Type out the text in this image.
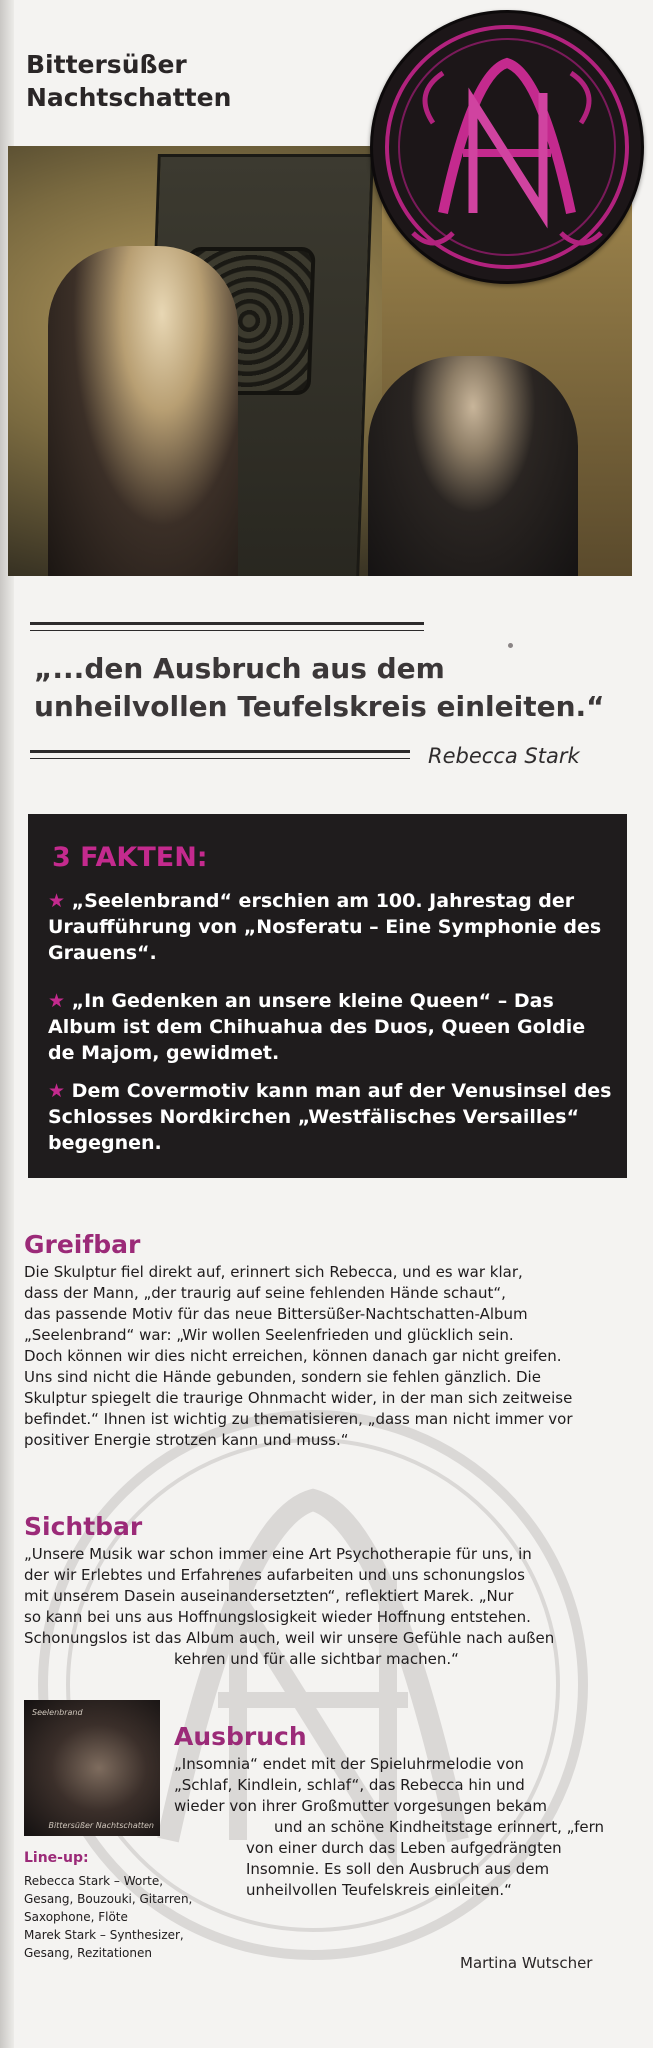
Bittersüßer
Nachtschatten
„...den Ausbruch aus dem
unheilvollen Teufelskreis einleiten.“
Rebecca Stark
3 FAKTEN:
★ „Seelenbrand“ erschien am 100. Jahrestag der
Uraufführung von „Nosferatu – Eine Symphonie des
Grauens“.
★ „In Gedenken an unsere kleine Queen“ – Das
Album ist dem Chihuahua des Duos, Queen Goldie
de Majom, gewidmet.
★ Dem Covermotiv kann man auf der Venusinsel des
Schlosses Nordkirchen „Westfälisches Versailles“
begegnen.
Greifbar
Die Skulptur fiel direkt auf, erinnert sich Rebecca, und es war klar,
dass der Mann, „der traurig auf seine fehlenden Hände schaut“,
das passende Motiv für das neue Bittersüßer-Nachtschatten-Album
„Seelenbrand“ war: „Wir wollen Seelenfrieden und glücklich sein.
Doch können wir dies nicht erreichen, können danach gar nicht greifen.
Uns sind nicht die Hände gebunden, sondern sie fehlen gänzlich. Die
Skulptur spiegelt die traurige Ohnmacht wider, in der man sich zeitweise
befindet.“ Ihnen ist wichtig zu thematisieren, „dass man nicht immer vor
positiver Energie strotzen kann und muss.“
Sichtbar
„Unsere Musik war schon immer eine Art Psychotherapie für uns, in
der wir Erlebtes und Erfahrenes aufarbeiten und uns schonungslos
mit unserem Dasein auseinandersetzten“, reflektiert Marek. „Nur
so kann bei uns aus Hoffnungslosigkeit wieder Hoffnung entstehen.
Schonungslos ist das Album auch, weil wir unsere Gefühle nach außen
kehren und für alle sichtbar machen.“
Seelenbrand
Bittersüßer Nachtschatten
Ausbruch
„Insomnia“ endet mit der Spieluhrmelodie von
„Schlaf, Kindlein, schlaf“, das Rebecca hin und
wieder von ihrer Großmutter vorgesungen bekam
und an schöne Kindheitstage erinnert, „fern
von einer durch das Leben aufgedrängten
Insomnie. Es soll den Ausbruch aus dem
unheilvollen Teufelskreis einleiten.“
Line-up:
Rebecca Stark – Worte,
Gesang, Bouzouki, Gitarren,
Saxophone, Flöte
Marek Stark – Synthesizer,
Gesang, Rezitationen
Martina Wutscher
